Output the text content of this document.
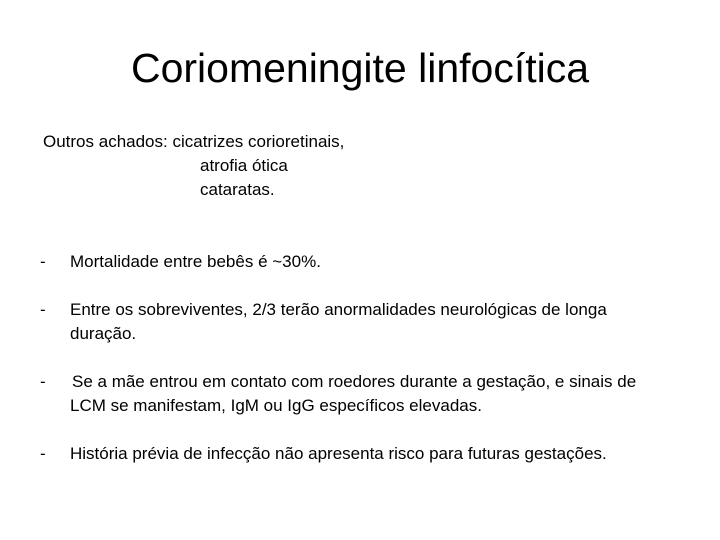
Coriomeningite linfocítica
Outros achados: cicatrizes corioretinais,
atrofia ótica
cataratas.
- Mortalidade entre bebês é ~30%.
- Entre os sobreviventes, 2/3 terão anormalidades neurológicas de longa
duração.
- Se a mãe entrou em contato com roedores durante a gestação, e sinais de
LCM se manifestam, IgM ou IgG específicos elevadas.
- História prévia de infecção não apresenta risco para futuras gestações.
